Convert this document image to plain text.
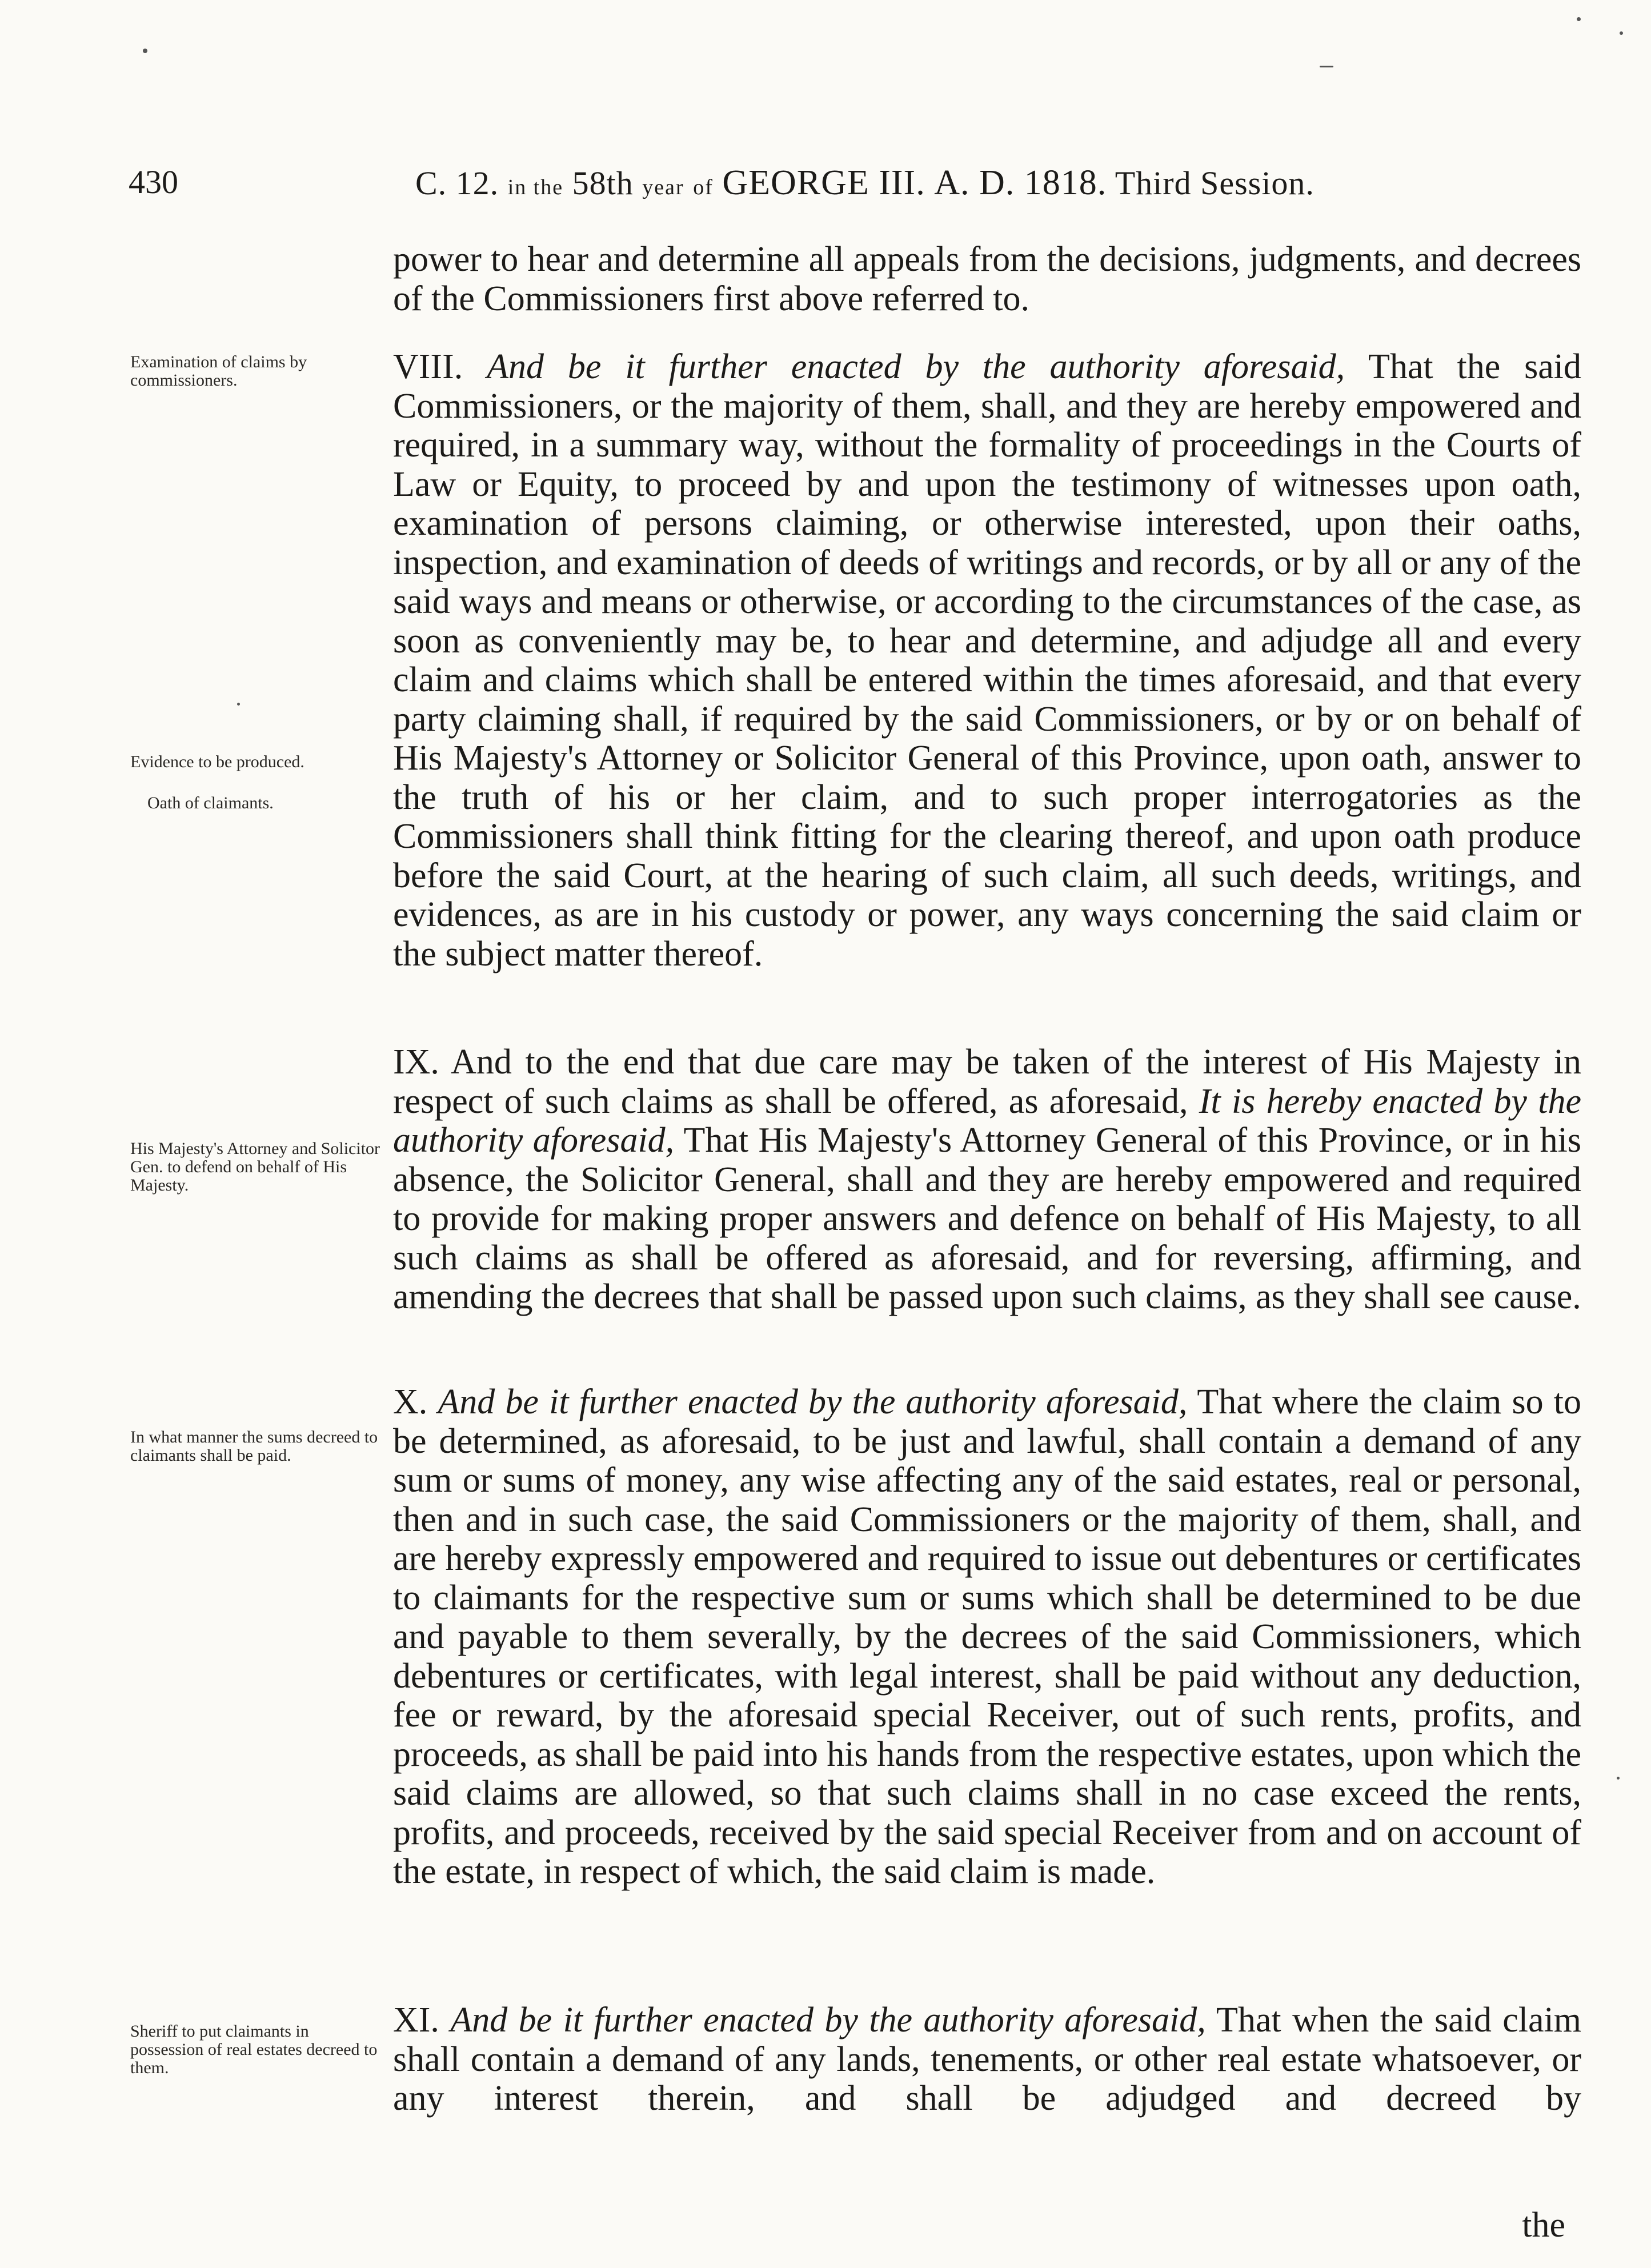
430	C. 12. in the 58th year of GEORGE III. A. D. 1818. Third Session.

power to hear and determine all appeals from the decisions, judgments, and decrees of the Commissioners first above referred to.

VIII. And be it further enacted by the authority aforesaid, That the said Commissioners, or the majority of them, shall, and they are hereby empowered and required, in a summary way, without the formality of proceedings in the Courts of Law or Equity, to proceed by and upon the testimony of witnesses upon oath, examination of persons claiming, or otherwise interested, upon their oaths, inspection, and examination of deeds of writings and records, or by all or any of the said ways and means or otherwise, or according to the circumstances of the case, as soon as conveniently may be, to hear and determine, and adjudge all and every claim and claims which shall be entered within the times aforesaid, and that every party claiming shall, if required by the said Commissioners, or by or on behalf of His Majesty's Attorney or Solicitor General of this Province, upon oath, answer to the truth of his or her claim, and to such proper interrogatories as the Commissioners shall think fitting for the clearing thereof, and upon oath produce before the said Court, at the hearing of such claim, all such deeds, writings, and evidences, as are in his custody or power, any ways concerning the said claim or the subject matter thereof.

IX. And to the end that due care may be taken of the interest of His Majesty in respect of such claims as shall be offered, as aforesaid, It is hereby enacted by the authority aforesaid, That His Majesty's Attorney General of this Province, or in his absence, the Solicitor General, shall and they are hereby empowered and required to provide for making proper answers and defence on behalf of His Majesty, to all such claims as shall be offered as aforesaid, and for reversing, affirming, and amending the decrees that shall be passed upon such claims, as they shall see cause.

X. And be it further enacted by the authority aforesaid, That where the claim so to be determined, as aforesaid, to be just and lawful, shall contain a demand of any sum or sums of money, any wise affecting any of the said estates, real or personal, then and in such case, the said Commissioners or the majority of them, shall, and are hereby expressly empowered and required to issue out debentures or certificates to claimants for the respective sum or sums which shall be determined to be due and payable to them severally, by the decrees of the said Commissioners, which debentures or certificates, with legal interest, shall be paid without any deduction, fee or reward, by the aforesaid special Receiver, out of such rents, profits, and proceeds, as shall be paid into his hands from the respective estates, upon which the said claims are allowed, so that such claims shall in no case exceed the rents, profits, and proceeds, received by the said special Receiver from and on account of the estate, in respect of which, the said claim is made.

XI. And be it further enacted by the authority aforesaid, That when the said claim shall contain a demand of any lands, tenements, or other real estate whatsoever, or any interest therein, and shall be adjudged and decreed by

the
Examination of claims by commissioners.
Evidence to be produced.
Oath of claimants.
His Majesty's Attorney and Solicitor Gen. to defend on behalf of His Majesty.
In what manner the sums decreed to claimants shall be paid.
Sheriff to put claimants in possession of real estates decreed to them.
